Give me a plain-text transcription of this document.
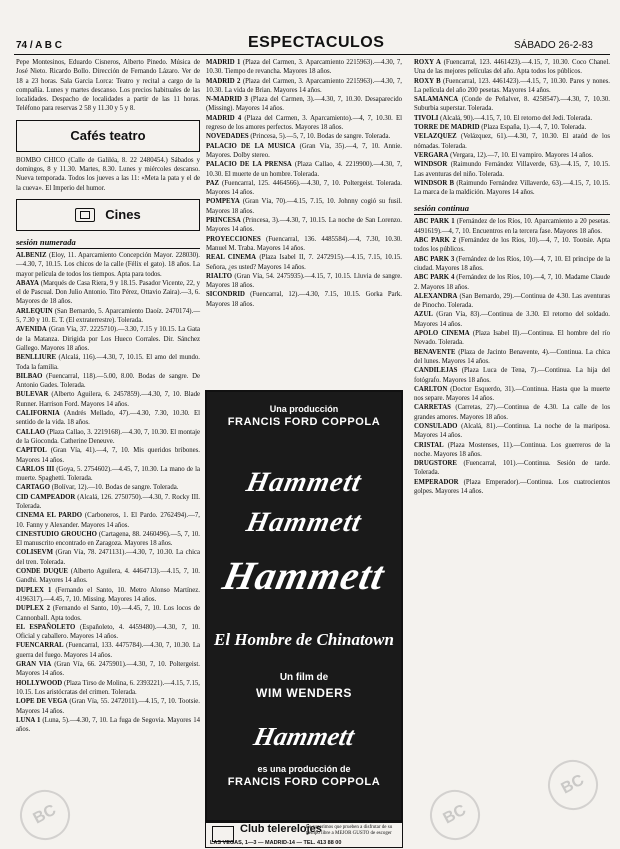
74 / A B C	ESPECTACULOS	SÁBADO 26-2-83

Pepe Montesinos, Eduardo Cisneros, Alberto Pinedo. Música de José Nieto. Ricardo Bollo. Dirección de Fernando Lázaro. Ver de 18 a 23 horas. Sala Garcia Lorca: Teatro y recital a cargo de la compañía. Lunes y martes descanso. Los precios habituales de las localidades. Despacho de localidades a partir de las 11 horas. Teléfono para reservas 2 58 y 11.30 y 5 y 8.

Cafés teatro

BOMBO CHICO (Calle de Galiléa, 8. 22 2480454.) Sábados y domingos, 8 y 11.30. Martes, 8.30. Lunes y miércoles descanso. Nueva temporada. Todos los jueves a las 11: «Meta la pata y el de la cueva». El Imperio del humor.

Cines
sesión numerada

ALBENIZ (Eloy, 11. Aparcamiento Concepción Mayor. 228030).—4.30, 7, 10.15. Los chicos de la calle (Félix el gato). 18 años. La mayor película de todos los tiempos. Apta para todos.

ABAYA (Marqués de Casa Riera, 9 y 18.15. Pasador Vicente, 22, y el de Pascual. Don Julio Antonio. Tito Pérez, Ottavio Zaira).—3, 6. Mayores de 18 años.

ARLEQUIN (San Bernardo, 5. Aparcamiento Daoíz. 2470174).—5, 7.30 y 10. E. T. (El extraterrestre). Tolerada.

AVENIDA (Gran Vía, 37. 2225710).—3.30, 7.15 y 10.15. La Gata de la Matanza. Dirigida por Los Hueco Corrales. Dir. Sánchez Gallego. Mayores 18 años.

BENLLIURE (Alcalá, 116).—4.30, 7, 10.15. El amo del mundo. Toda la familia.

BILBAO (Fuencarral, 118).—5.00, 8.00. Bodas de sangre. De Antonio Gades. Tolerada.

BULEVAR (Alberto Aguilera, 6. 2457859).—4.30, 7, 10. Blade Runner. Harrison Ford. Mayores 14 años.

CALIFORNIA (Andrés Mellado, 47).—4.30, 7.30, 10.30. El sentido de la vida. 18 años.

CALLAO (Plaza Callao, 3. 2219168).—4.30, 7, 10.30. El montaje de la Gioconda. Catherine Deneuve.

CAPITOL (Gran Vía, 41).—4, 7, 10. Mis queridos bribones. Mayores 14 años.

CARLOS III (Goya, 5. 2754602).—4.45, 7, 10.30. La mano de la muerte. Spaghetti. Tolerada.

CARTAGO (Bolívar, 12).—10. Bodas de sangre. Tolerada.

CID CAMPEADOR (Alcalá, 126. 2750750).—4.30, 7. Rocky III. Tolerada.

CINEMA EL PARDO (Carboneros, 1. El Pardo. 2762494).—7, 10. Fanny y Alexander. Mayores 14 años.

CINESTUDIO GROUCHO (Cartagena, 88. 2460496).—5, 7, 10. El manuscrito encontrado en Zaragoza. Mayores 18 años.

COLISEVM (Gran Vía, 78. 2471131).—4.30, 7, 10.30. La chica del tren. Tolerada.

CONDE DUQUE (Alberto Aguilera, 4. 4464713).—4.15, 7, 10. Gandhi. Mayores 14 años.

DUPLEX 1 (Fernando el Santo, 10. Metro Alonso Martínez. 4196317).—4.45, 7, 10. Missing. Mayores 14 años.

DUPLEX 2 (Fernando el Santo, 10).—4.45, 7, 10. Los locos de Cannonball. Apta todos.

EL ESPAÑOLETO (Españoleto, 4. 4459480).—4.30, 7, 10. Oficial y caballero. Mayores 14 años.

FUENCARRAL (Fuencarral, 133. 4475784).—4.30, 7, 10.30. La guerra del fuego. Mayores 14 años.

GRAN VIA (Gran Vía, 66. 2475901).—4.30, 7, 10. Poltergeist. Mayores 14 años.

HOLLYWOOD (Plaza Tirso de Molina, 6. 2393221).—4.15, 7.15, 10.15. Los aristócratas del crimen. Tolerada.

LOPE DE VEGA (Gran Vía, 55. 2472011).—4.15, 7, 10. Tootsie. Mayores 14 años.

LUNA 1 (Luna, 5).—4.30, 7, 10. La fuga de Segovia. Mayores 14 años.

MADRID 1 (Plaza del Carmen, 3. Aparcamiento 2215963).—4.30, 7, 10.30. Tiempo de revancha. Mayores 18 años.

MADRID 2 (Plaza del Carmen, 3. Aparcamiento 2215963).—4.30, 7, 10.30. La vida de Brian. Mayores 14 años.

N-MADRID 3 (Plaza del Carmen, 3).—4.30, 7, 10.30. Desaparecido (Missing). Mayores 14 años.

MADRID 4 (Plaza del Carmen, 3. Aparcamiento).—4, 7, 10.30. El regreso de los amores perfectos. Mayores 18 años.

NOVEDADES (Princesa, 5).—5, 7, 10. Bodas de sangre. Tolerada.

PALACIO DE LA MUSICA (Gran Vía, 35).—4, 7, 10. Annie. Mayores. Dolby stereo.

PALACIO DE LA PRENSA (Plaza Callao, 4. 2219900).—4.30, 7, 10.30. El muerte de un hombre. Tolerada.

PAZ (Fuencarral, 125. 4464566).—4.30, 7, 10. Poltergeist. Tolerada. Mayores 14 años.

POMPEYA (Gran Vía, 70).—4.15, 7.15, 10. Johnny cogió su fusil. Mayores 18 años.

PRINCESA (Princesa, 3).—4.30, 7, 10.15. La noche de San Lorenzo. Mayores 14 años.

PROYECCIONES (Fuencarral, 136. 4485584).—4, 7.30, 10.30. Manuel M. Traba. Mayores 14 años.

REAL CINEMA (Plaza Isabel II, 7. 2472915).—4.15, 7.15, 10.15. Señora, ¿es usted? Mayores 14 años.

RIALTO (Gran Vía, 54. 2475935).—4.15, 7, 10.15. Lluvia de sangre. Mayores 18 años.

SICONDRID (Fuencarral, 12).—4.30, 7.15, 10.15. Gorka Park. Mayores 18 años.

Una producción
FRANCIS FORD COPPOLA
Hammett
Hammett
Hammett
El Hombre de Chinatown
Un film de
WIM WENDERS
Hammett
es una producción de
FRANCIS FORD COPPOLA
Club telerelojes
Le sugerimos que prueben a disfrutar de su tiempo libre a MEJOR GUSTO de escoger
LAS VEGAS, 1—3 — MADRID-14 — TEL. 413 88 00

ROXY A (Fuencarral, 123. 4461423).—4.15, 7, 10.30. Coco Chanel. Una de las mejores películas del año. Apta todos los públicos.

ROXY B (Fuencarral, 123. 4461423).—4.15, 7, 10.30. Pares y nones. La película del año 200 pesetas. Mayores 14 años.

SALAMANCA (Conde de Peñalver, 8. 4258547).—4.30, 7, 10.30. Suburbia superstar. Tolerada.

TIVOLI (Alcalá, 90).—4.15, 7, 10. El retorno del Jedi. Tolerada.

TORRE DE MADRID (Plaza España, 1).—4, 7, 10. Tolerada.

VELAZQUEZ (Velázquez, 61).—4.30, 7, 10.30. El ataúd de los nómadas. Tolerada.

VERGARA (Vergara, 12).—7, 10. El vampiro. Mayores 14 años.

WINDSOR (Raimundo Fernández Villaverde, 63).—4.15, 7, 10.15. Las aventuras del niño. Tolerada.

WINDSOR B (Raimundo Fernández Villaverde, 63).—4.15, 7, 10.15. La marca de la maldición. Mayores 14 años.

sesión continua

ABC PARK 1 (Fernández de los Ríos, 10. Aparcamiento a 20 pesetas. 4491619).—4, 7, 10. Encuentros en la tercera fase. Mayores 18 años.

ABC PARK 2 (Fernández de los Ríos, 10).—4, 7, 10. Tootsie. Apta todos los públicos.

ABC PARK 3 (Fernández de los Ríos, 10).—4, 7, 10. El príncipe de la ciudad. Mayores 18 años.

ABC PARK 4 (Fernández de los Ríos, 10).—4, 7, 10. Madame Claude 2. Mayores 18 años.

ALEXANDRA (San Bernardo, 29).—Continua de 4.30. Las aventuras de Pinocho. Tolerada.

AZUL (Gran Vía, 83).—Continua de 3.30. El retorno del soldado. Mayores 14 años.

APOLO CINEMA (Plaza Isabel II).—Continua. El hombre del río Nevado. Tolerada.

BENAVENTE (Plaza de Jacinto Benavente, 4).—Continua. La chica del lunes. Mayores 14 años.

CANDILEJAS (Plaza Luca de Tena, 7).—Continua. La hija del fotógrafo. Mayores 18 años.

CARLTON (Doctor Esquerdo, 31).—Continua. Hasta que la muerte nos separe. Mayores 14 años.

CARRETAS (Carretas, 27).—Continua de 4.30. La calle de los grandes amores. Mayores 18 años.

CONSULADO (Alcalá, 81).—Continua. La noche de la mariposa. Mayores 14 años.

CRISTAL (Plaza Mostenses, 11).—Continua. Los guerreros de la noche. Mayores 18 años.

DRUGSTORE (Fuencarral, 101).—Continua. Sesión de tarde. Tolerada.

EMPERADOR (Plaza Emperador).—Continua. Los cuatrocientos golpes. Mayores 14 años.

BC	BC
BC
